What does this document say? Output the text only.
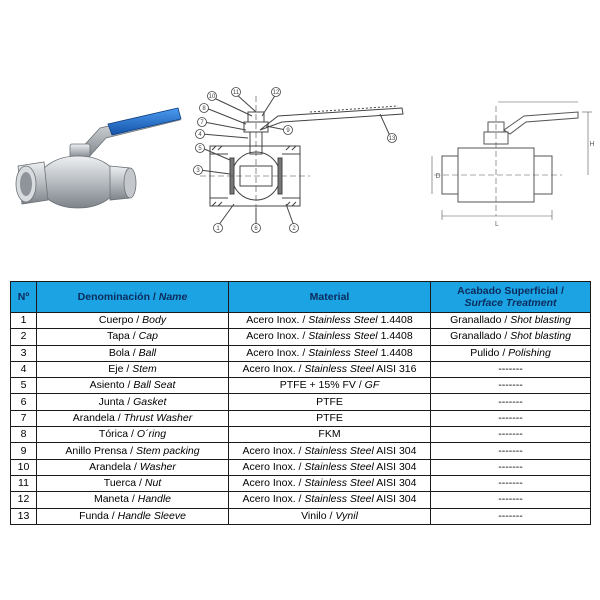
10
11
8
7
4
5
3
12
9
13
1	6	2
H
L
D
Nº	Denominación / Name	Material	Acabado Superficial /
Surface Treatment
1	Cuerpo / Body	Acero Inox. / Stainless Steel 1.4408	Granallado / Shot blasting
2	Tapa / Cap	Acero Inox. / Stainless Steel 1.4408	Granallado / Shot blasting
3	Bola / Ball	Acero Inox. / Stainless Steel 1.4408	Pulido / Polishing
4	Eje / Stem	Acero Inox. / Stainless Steel AISI 316	-------
5	Asiento / Ball Seat	PTFE + 15% FV / GF	-------
6	Junta / Gasket	PTFE	-------
7	Arandela / Thrust Washer	PTFE	-------
8	Tórica / O´ring	FKM	-------
9	Anillo Prensa / Stem packing	Acero Inox. / Stainless Steel AISI 304	-------
10	Arandela / Washer	Acero Inox. / Stainless Steel AISI 304	-------
11	Tuerca / Nut	Acero Inox. / Stainless Steel AISI 304	-------
12	Maneta / Handle	Acero Inox. / Stainless Steel AISI 304	-------
13	Funda / Handle Sleeve	Vinilo / Vynil	-------
